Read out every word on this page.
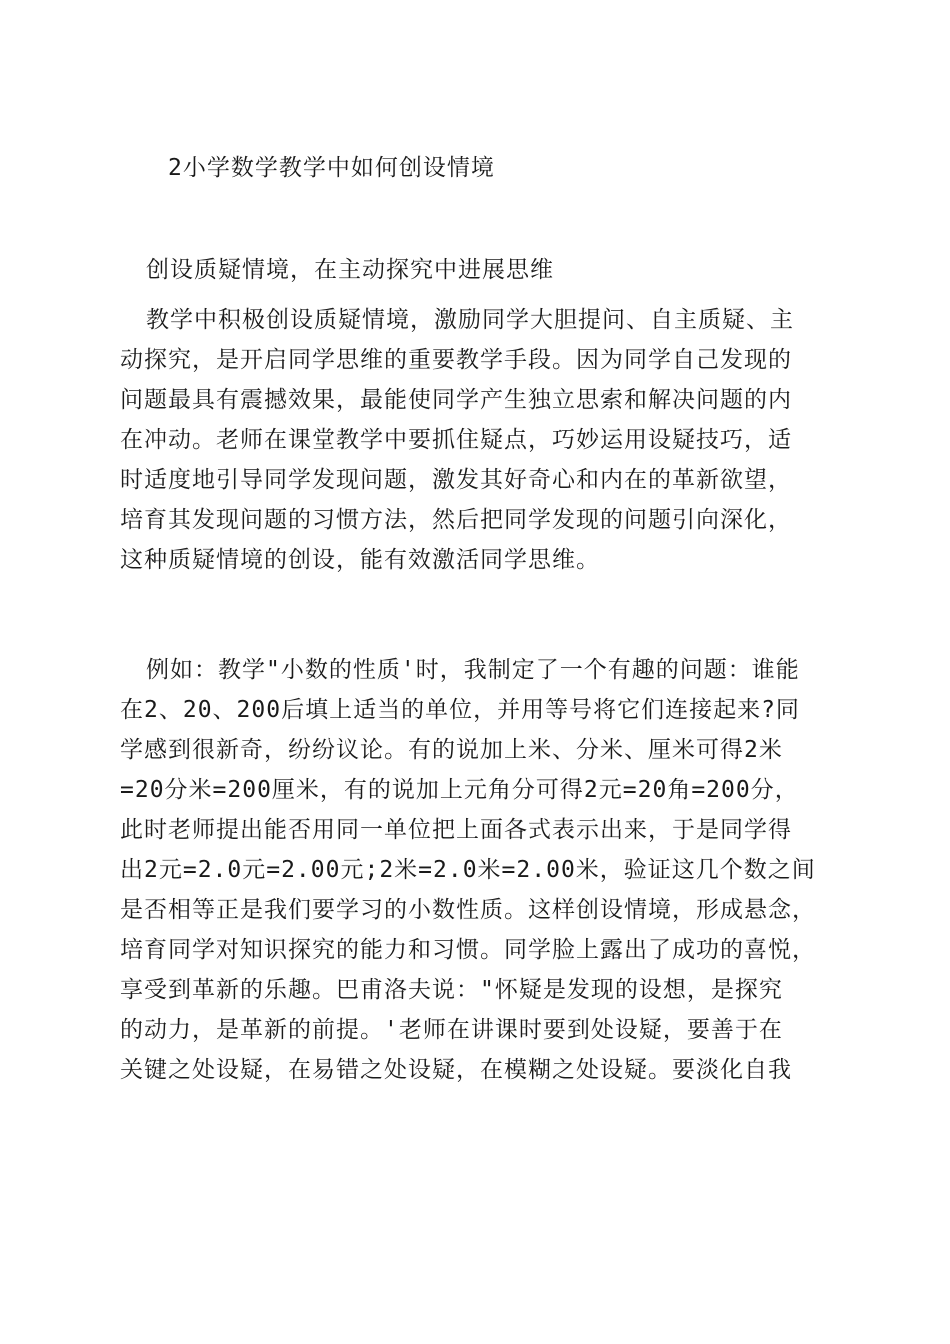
2小学数学教学中如何创设情境
创设质疑情境，在主动探究中进展思维
教学中积极创设质疑情境，激励同学大胆提问、自主质疑、主
动探究，是开启同学思维的重要教学手段。因为同学自己发现的
问题最具有震撼效果，最能使同学产生独立思索和解决问题的内
在冲动。老师在课堂教学中要抓住疑点，巧妙运用设疑技巧，适
时适度地引导同学发现问题，激发其好奇心和内在的革新欲望，
培育其发现问题的习惯方法，然后把同学发现的问题引向深化，
这种质疑情境的创设，能有效激活同学思维。
例如：教学"小数的性质'时，我制定了一个有趣的问题：谁能
在2、20、200后填上适当的单位，并用等号将它们连接起来?同
学感到很新奇，纷纷议论。有的说加上米、分米、厘米可得2米
=20分米=200厘米，有的说加上元角分可得2元=20角=200分，
此时老师提出能否用同一单位把上面各式表示出来，于是同学得
出2元=2.0元=2.00元;2米=2.0米=2.00米，验证这几个数之间
是否相等正是我们要学习的小数性质。这样创设情境，形成悬念，
培育同学对知识探究的能力和习惯。同学脸上露出了成功的喜悦，
享受到革新的乐趣。巴甫洛夫说："怀疑是发现的设想，是探究
的动力，是革新的前提。'老师在讲课时要到处设疑，要善于在
关键之处设疑，在易错之处设疑，在模糊之处设疑。要淡化自我
